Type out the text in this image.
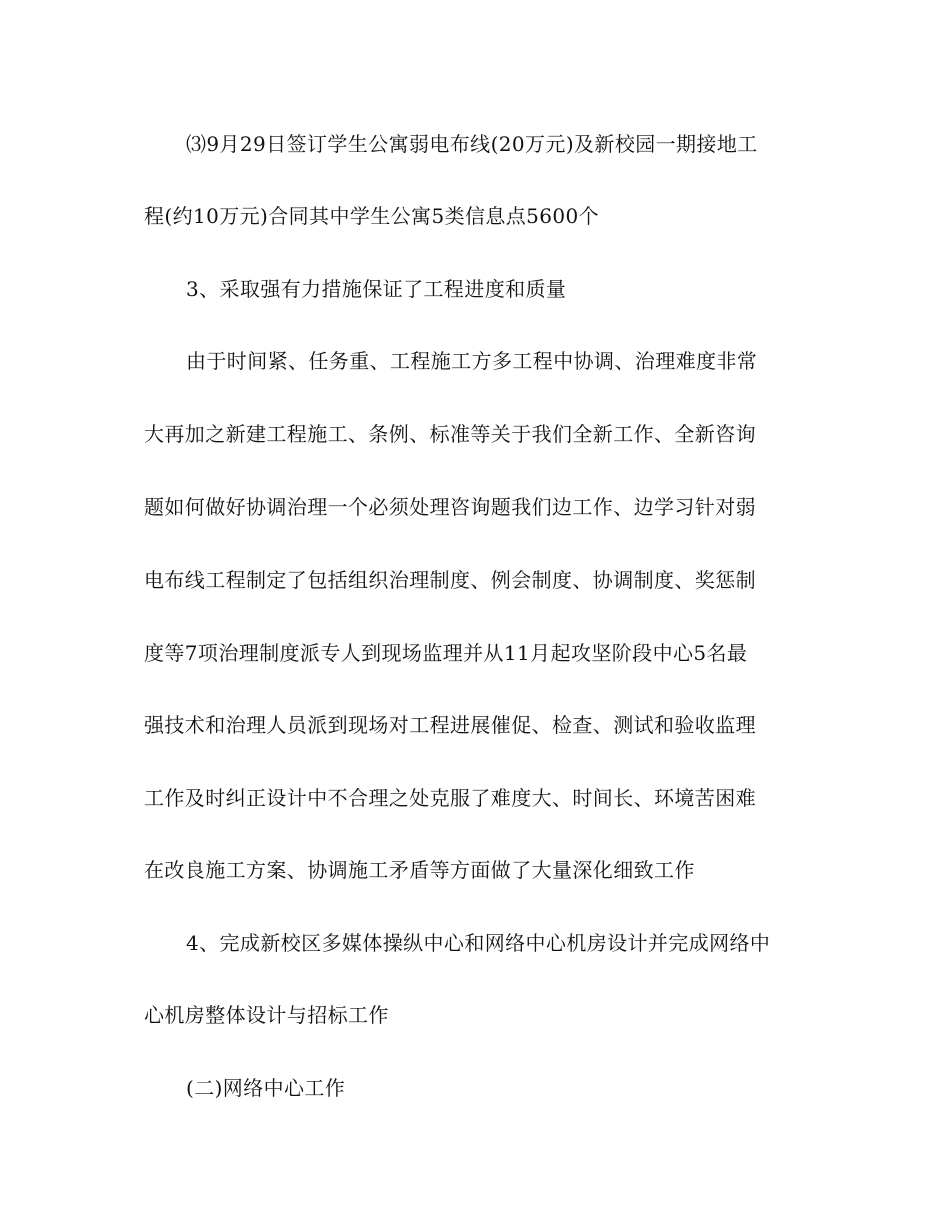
⑶9月29日签订学生公寓弱电布线(20万元)及新校园一期接地工
程(约10万元)合同其中学生公寓5类信息点5600个
3、采取强有力措施保证了工程进度和质量
由于时间紧、任务重、工程施工方多工程中协调、治理难度非常
大再加之新建工程施工、条例、标准等关于我们全新工作、全新咨询
题如何做好协调治理一个必须处理咨询题我们边工作、边学习针对弱
电布线工程制定了包括组织治理制度、例会制度、协调制度、奖惩制
度等7项治理制度派专人到现场监理并从11月起攻坚阶段中心5名最
强技术和治理人员派到现场对工程进展催促、检查、测试和验收监理
工作及时纠正设计中不合理之处克服了难度大、时间长、环境苦困难
在改良施工方案、协调施工矛盾等方面做了大量深化细致工作
4、完成新校区多媒体操纵中心和网络中心机房设计并完成网络中
心机房整体设计与招标工作
(二)网络中心工作
